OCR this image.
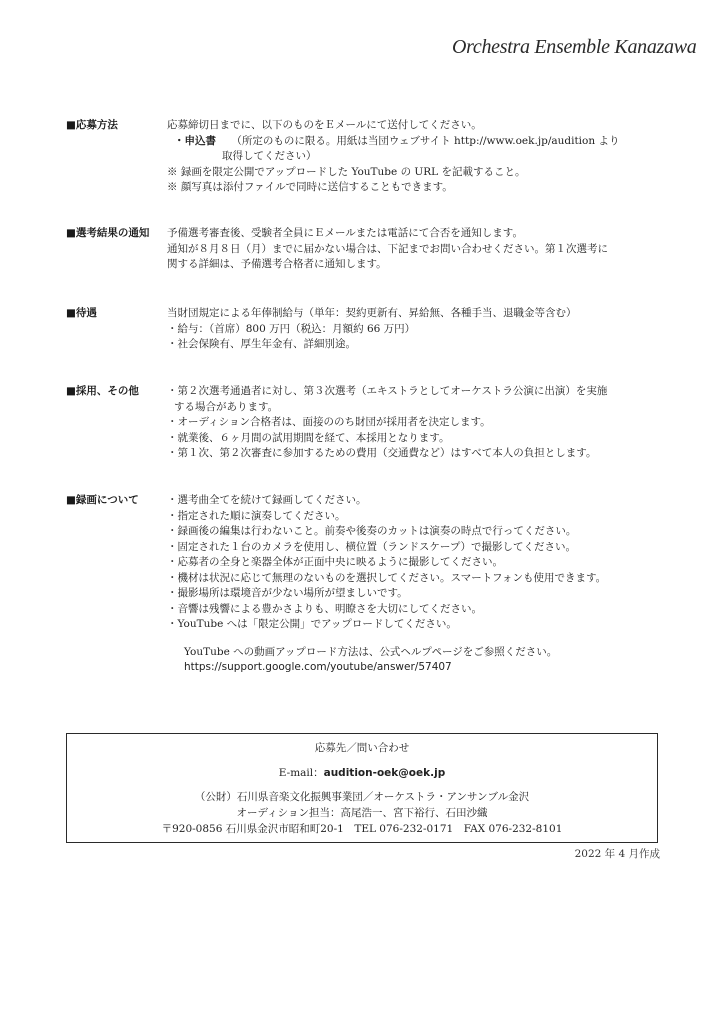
Orchestra Ensemble Kanazawa
■応募方法	応募締切日までに、以下のものをＥメールにて送付してください。
・申込書 （所定のものに限る。用紙は当団ウェブサイト http://www.oek.jp/audition より
取得してください）
※ 録画を限定公開でアップロードした YouTube の URL を記載すること。
※ 顔写真は添付ファイルで同時に送信することもできます。
■選考結果の通知	予備選考審査後、受験者全員にＥメールまたは電話にて合否を通知します。
通知が８月８日（月）までに届かない場合は、下記までお問い合わせください。第１次選考に
関する詳細は、予備選考合格者に通知します。
■待遇	当財団規定による年俸制給与（単年：契約更新有、昇給無、各種手当、退職金等含む）
・給与：（首席）800 万円（税込：月額約 66 万円）
・社会保険有、厚生年金有、詳細別途。
■採用、その他	・第２次選考通過者に対し、第３次選考（エキストラとしてオーケストラ公演に出演）を実施
する場合があります。
・オーディション合格者は、面接ののち財団が採用者を決定します。
・就業後、６ヶ月間の試用期間を経て、本採用となります。
・第１次、第２次審査に参加するための費用（交通費など）はすべて本人の負担とします。
■録画について	・選考曲全てを続けて録画してください。
・指定された順に演奏してください。
・録画後の編集は行わないこと。前奏や後奏のカットは演奏の時点で行ってください。
・固定された１台のカメラを使用し、横位置（ランドスケープ）で撮影してください。
・応募者の全身と楽器全体が正面中央に映るように撮影してください。
・機材は状況に応じて無理のないものを選択してください。スマートフォンも使用できます。
・撮影場所は環境音が少ない場所が望ましいです。
・音響は残響による豊かさよりも、明瞭さを大切にしてください。
・YouTube へは「限定公開」でアップロードしてください。
YouTube への動画アップロード方法は、公式ヘルプページをご参照ください。
https://support.google.com/youtube/answer/57407
応募先／問い合わせ
E-mail：audition-oek@oek.jp
（公財）石川県音楽文化振興事業団／オーケストラ・アンサンブル金沢
オーディション担当：高尾浩一、宮下裕行、石田沙織
〒920-0856 石川県金沢市昭和町20-1　TEL 076-232-0171　FAX 076-232-8101
2022 年 4 月作成
